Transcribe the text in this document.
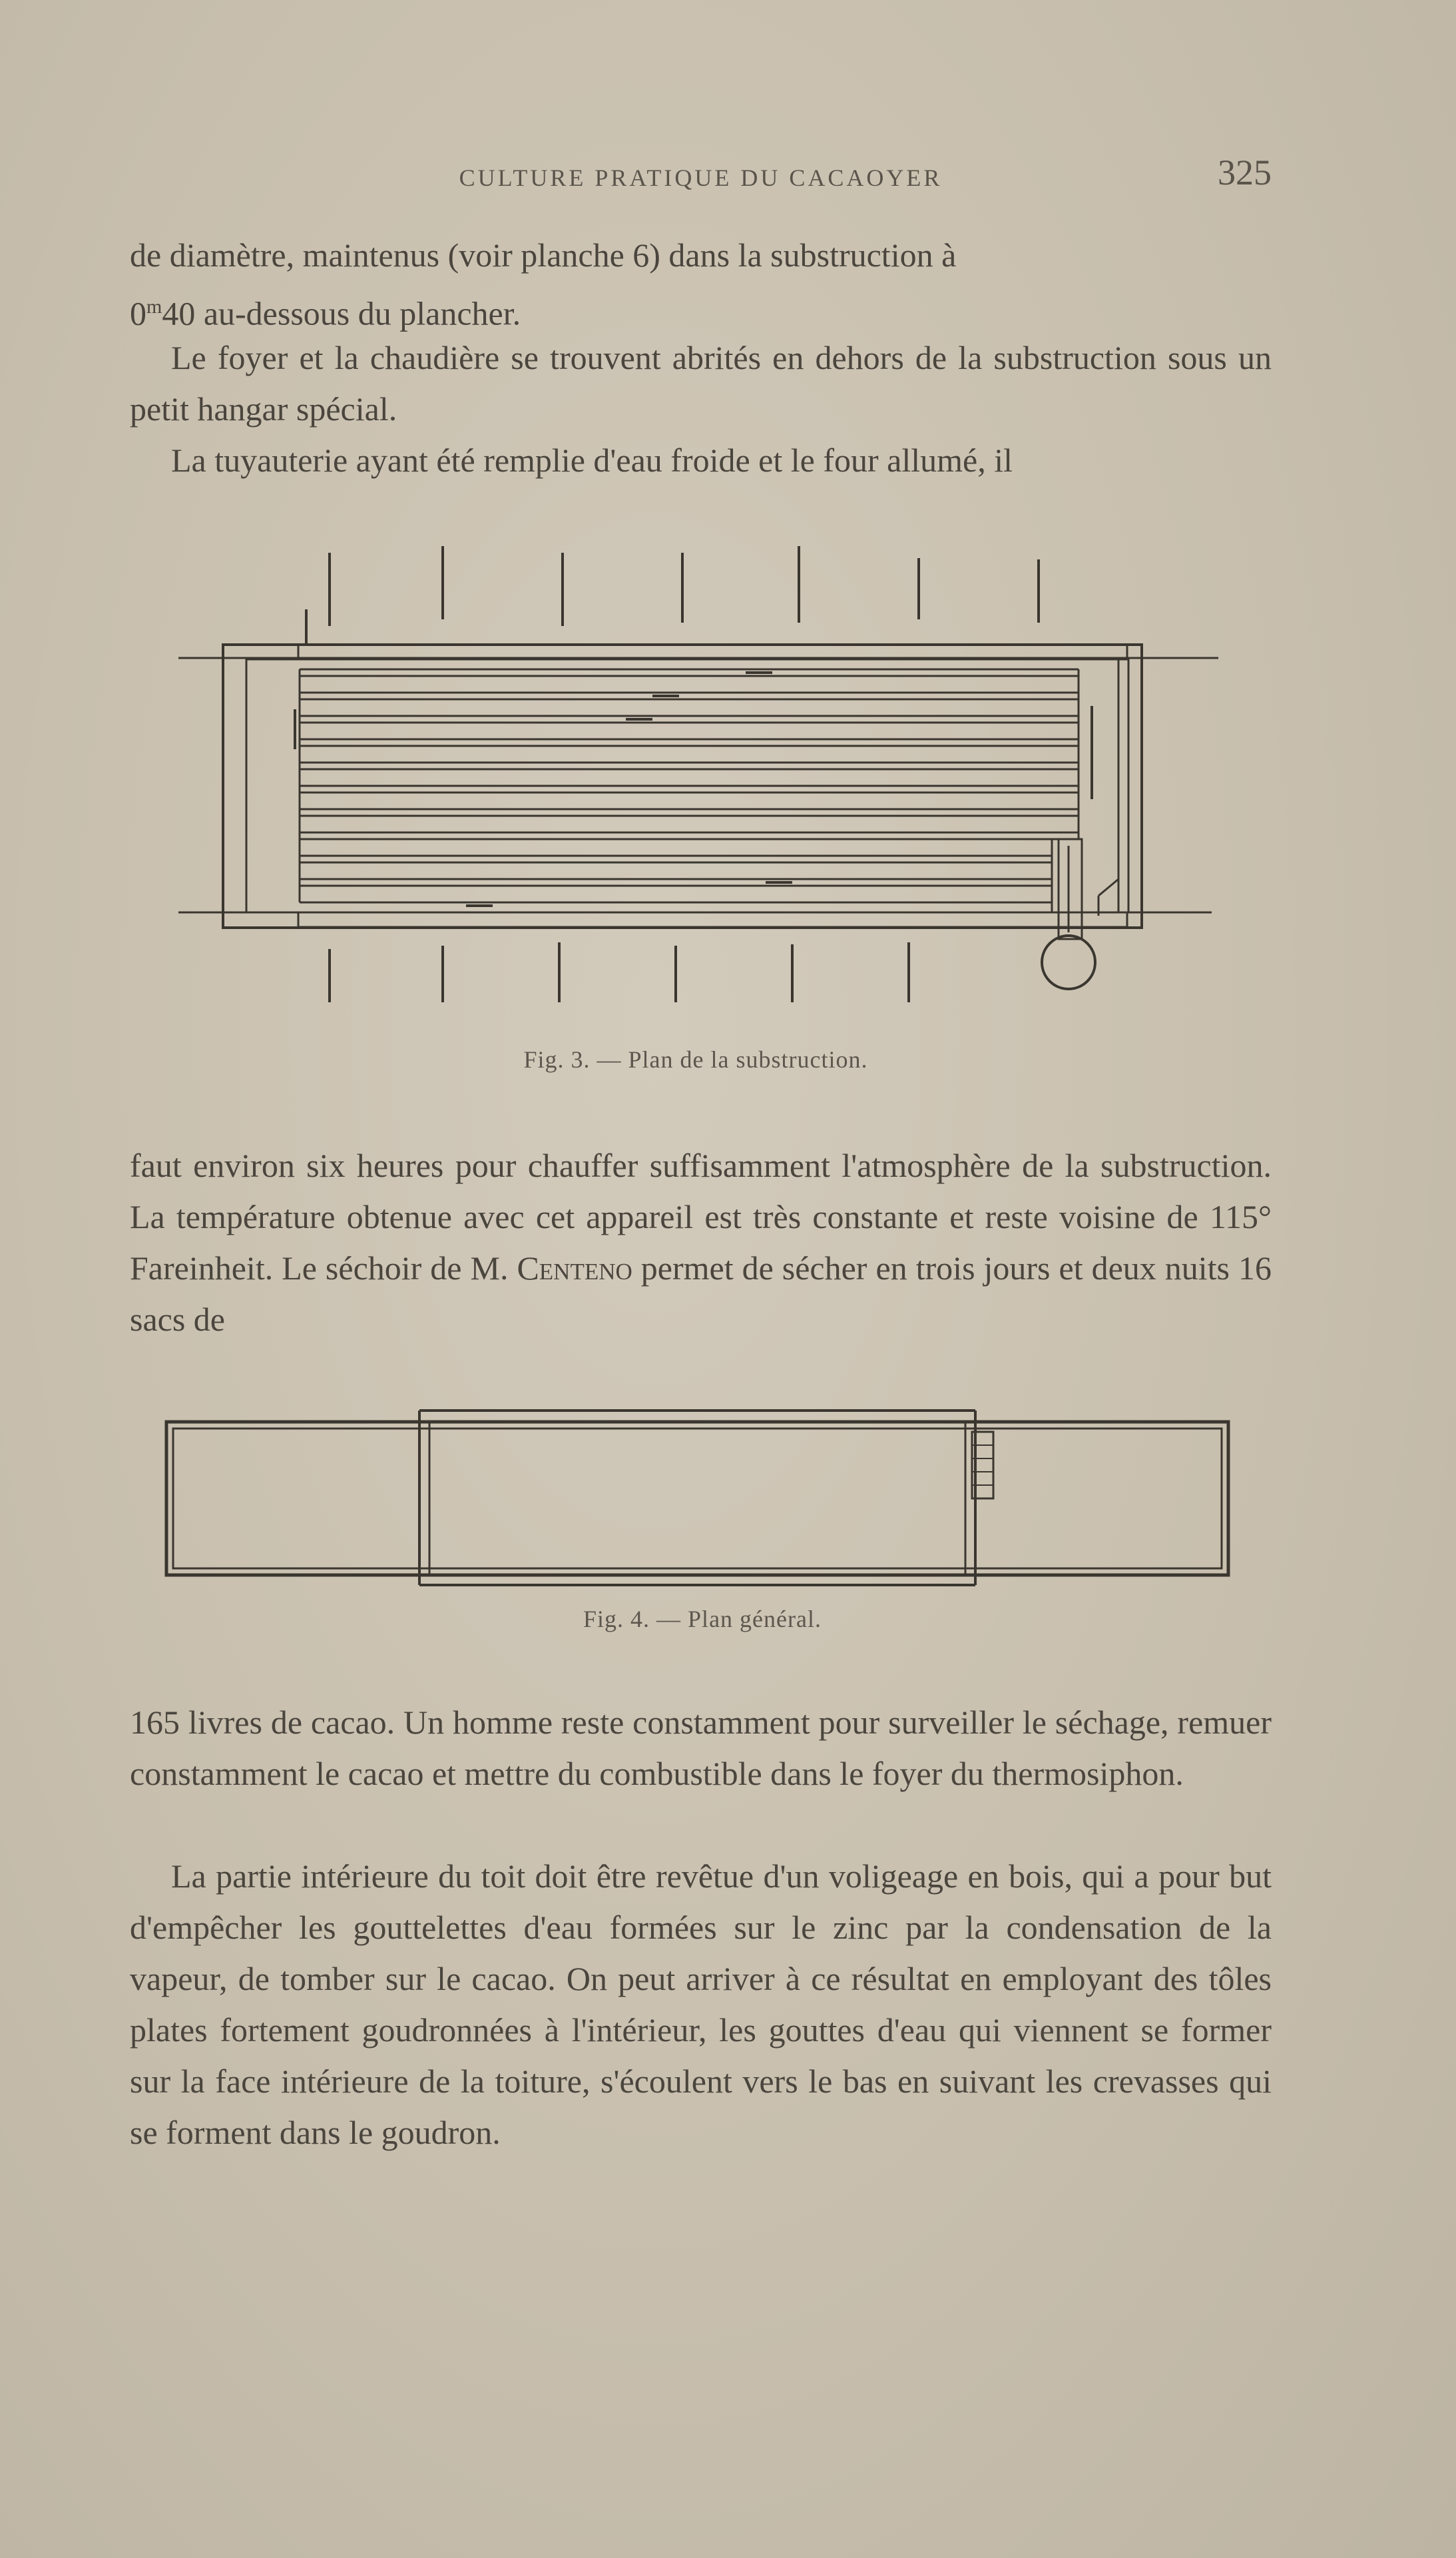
CULTURE PRATIQUE DU CACAOYER	325

de diamètre, maintenus (voir planche 6) dans la substruction à
0$^m$40 au-dessous du plancher.

Le foyer et la chaudière se trouvent abrités en dehors de la substruction sous un petit hangar spécial.

La tuyauterie ayant été remplie d'eau froide et le four allumé, il

Fig. 3. — Plan de la substruction.

faut environ six heures pour chauffer suffisamment l'atmosphère de la substruction. La température obtenue avec cet appareil est très constante et reste voisine de 115° Fareinheit. Le séchoir de M. Centeno permet de sécher en trois jours et deux nuits 16 sacs de

Fig. 4. — Plan général.

165 livres de cacao. Un homme reste constamment pour surveiller le séchage, remuer constamment le cacao et mettre du combustible dans le foyer du thermosiphon.

La partie intérieure du toit doit être revêtue d'un voligeage en bois, qui a pour but d'empêcher les gouttelettes d'eau formées sur le zinc par la condensation de la vapeur, de tomber sur le cacao. On peut arriver à ce résultat en employant des tôles plates fortement goudronnées à l'intérieur, les gouttes d'eau qui viennent se former sur la face intérieure de la toiture, s'écoulent vers le bas en suivant les crevasses qui se forment dans le goudron.
